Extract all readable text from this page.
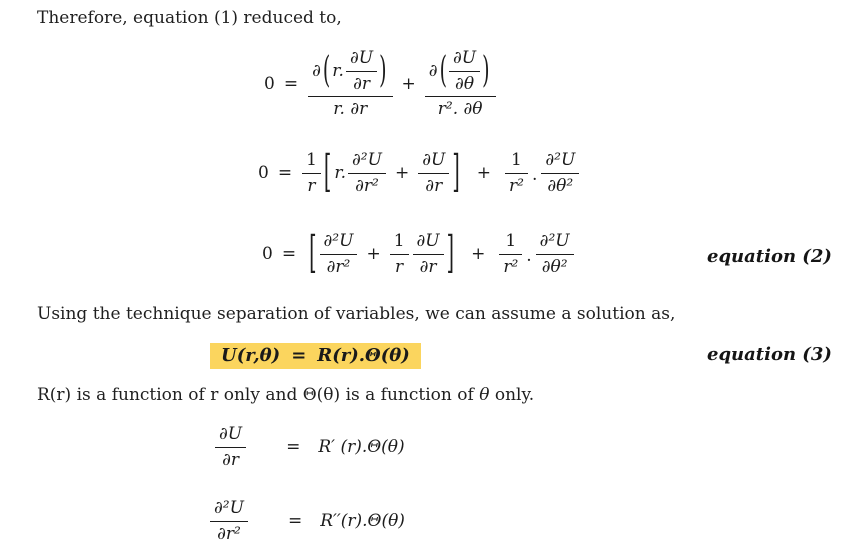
Therefore, equation (1) reduced to,
0 =
∂ ( r. $\frac{\partial U}{\partial r}$ )
r. ∂r
+
∂ ( $\frac{\partial U}{\partial\theta}$ )
r². ∂θ
$0 = \frac{1}{r}$ [ r. $\frac{\text{∂²U}}{\text{∂r²}} + \frac{\partial U}{\partial r}$ ] + $\frac{1}{\text{r²}}$ . $\frac{\text{∂²U}}{\text{∂θ²}}$
0 = [ $\frac{\text{∂²U}}{\text{∂r²}} + \frac{1}{r} \frac{\partial U}{\partial r}$ ] + $\frac{1}{\text{r²}}$ . $\frac{\text{∂²U}}{\text{∂θ²}}$	equation (2)
Using the technique separation of variables, we can assume a solution as,
U(r,θ) = R(r).Θ(θ)	equation (3)
R(r) is a function of r only and Θ(θ) is a function of θ only.
$\frac{\partial U}{\partial r} = R'$ (r).Θ(θ)
$\frac{\text{∂²U}}{\text{∂r²}} = R''(r).\Theta(\theta)$
